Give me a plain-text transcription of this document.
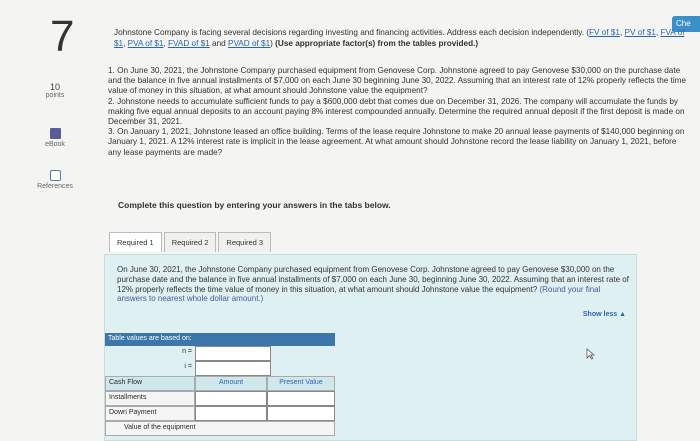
7	Che
10
points
eBook
References
Johnstone Company is facing several decisions regarding investing and financing activities. Address each decision independently. (FV of $1, PV of $1, FVA of $1, PVA of $1, FVAD of $1 and PVAD of $1) (Use appropriate factor(s) from the tables provided.)

1. On June 30, 2021, the Johnstone Company purchased equipment from Genovese Corp. Johnstone agreed to pay Genovese $30,000 on the purchase date and the balance in five annual installments of $7,000 on each June 30 beginning June 30, 2022. Assuming that an interest rate of 12% properly reflects the time value of money in this situation, at what amount should Johnstone value the equipment?

2. Johnstone needs to accumulate sufficient funds to pay a $600,000 debt that comes due on December 31, 2026. The company will accumulate the funds by making five equal annual deposits to an account paying 8% interest compounded annually. Determine the required annual deposit if the first deposit is made on December 31, 2021.

3. On January 1, 2021, Johnstone leased an office building. Terms of the lease require Johnstone to make 20 annual lease payments of $140,000 beginning on January 1, 2021. A 12% interest rate is implicit in the lease agreement. At what amount should Johnstone record the lease liability on January 1, 2021, before any lease payments are made?

Complete this question by entering your answers in the tabs below.
Required 1	Required 2	Required 3
On June 30, 2021, the Johnstone Company purchased equipment from Genovese Corp. Johnstone agreed to pay Genovese $30,000 on the purchase date and the balance in five annual installments of $7,000 on each June 30, beginning June 30, 2022. Assuming that an interest rate of 12% properly reflects the time value of money in this situation, at what amount should Johnstone value the equipment? (Round your final answers to nearest whole dollar amount.)
Show less ▲
Table values are based on:
n =
i =
Cash Flow	Amount	Present Value
Installments
Down Payment
Value of the equipment
